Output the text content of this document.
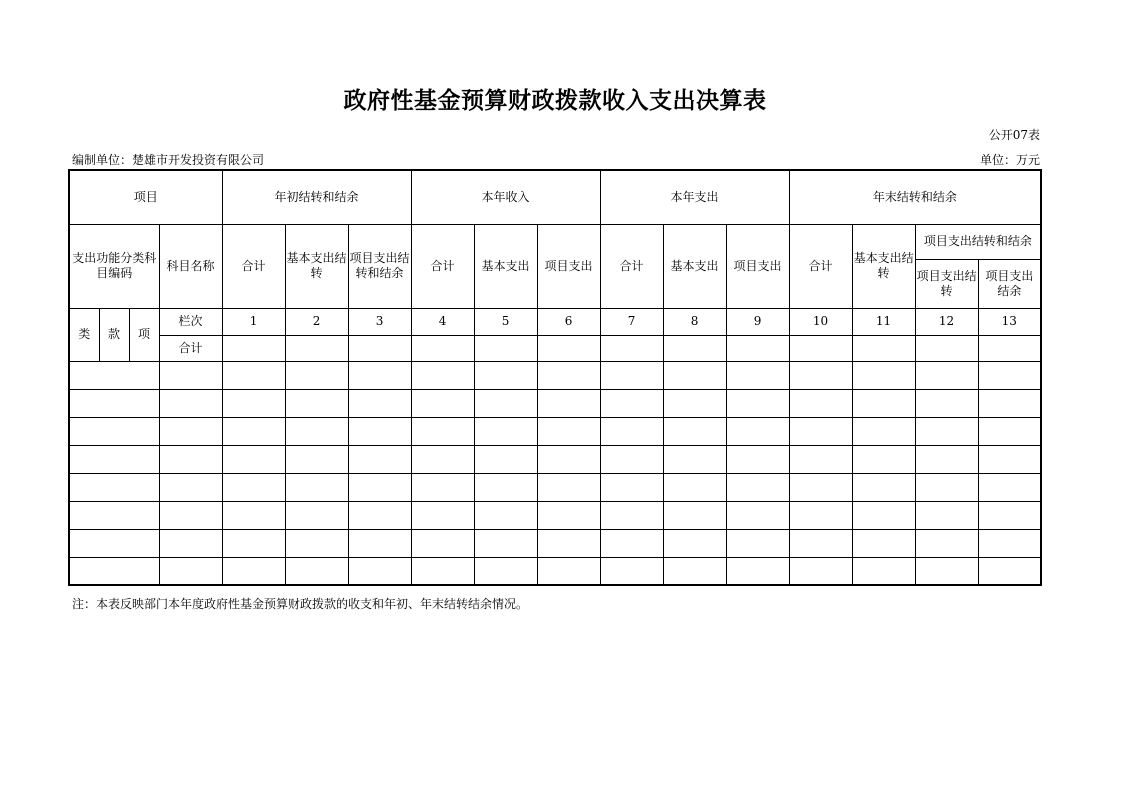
政府性基金预算财政拨款收入支出决算表
公开07表
编制单位：楚雄市开发投资有限公司	单位：万元
项目				年初结转和结余			本年收入			本年支出			年末结转和结余			
支出功能分类科目编码			科目名称	合计	基本支出结转	项目支出结转和结余	合计	基本支出	项目支出	合计	基本支出	项目支出	合计	基本支出结转	项目支出结转和结余	
															项目支出结转	项目支出结余
类	款	项	栏次	1	2	3	4	5	6	7	8	9	10	11	12	13
			合计													

注：本表反映部门本年度政府性基金预算财政拨款的收支和年初、年末结转结余情况。
